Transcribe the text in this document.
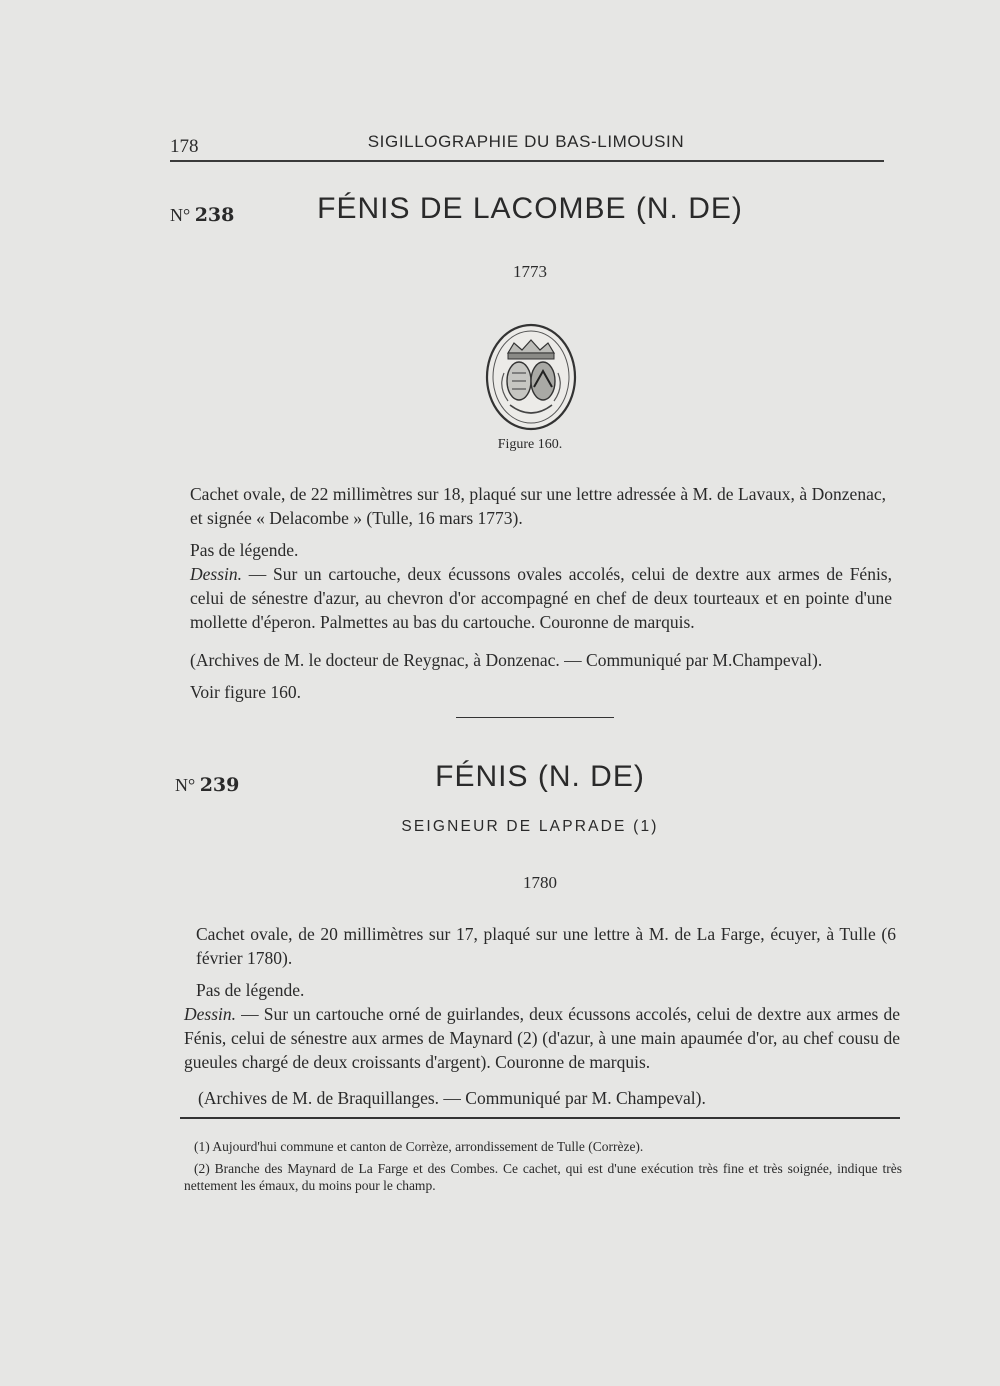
178	SIGILLOGRAPHIE DU BAS-LIMOUSIN
N° 238	FÉNIS DE LACOMBE (N. DE)
1773
Figure 160.
Cachet ovale, de 22 millimètres sur 18, plaqué sur une lettre adressée à M. de Lavaux, à Donzenac, et signée « Delacombe » (Tulle, 16 mars 1773).
Pas de légende.
Dessin. — Sur un cartouche, deux écussons ovales accolés, celui de dextre aux armes de Fénis, celui de sénestre d'azur, au chevron d'or accompagné en chef de deux tourteaux et en pointe d'une mollette d'éperon. Palmettes au bas du cartouche. Couronne de marquis.
(Archives de M. le docteur de Reygnac, à Donzenac. — Communiqué par M.Champeval).
Voir figure 160.
N° 239	FÉNIS (N. DE)
SEIGNEUR DE LAPRADE (1)
1780
Cachet ovale, de 20 millimètres sur 17, plaqué sur une lettre à M. de La Farge, écuyer, à Tulle (6 février 1780).
Pas de légende.
Dessin. — Sur un cartouche orné de guirlandes, deux écussons accolés, celui de dextre aux armes de Fénis, celui de sénestre aux armes de Maynard (2) (d'azur, à une main apaumée d'or, au chef cousu de gueules chargé de deux croissants d'argent). Couronne de marquis.
(Archives de M. de Braquillanges. — Communiqué par M. Champeval).
(1) Aujourd'hui commune et canton de Corrèze, arrondissement de Tulle (Corrèze).
(2) Branche des Maynard de La Farge et des Combes. Ce cachet, qui est d'une exécution très fine et très soignée, indique très nettement les émaux, du moins pour le champ.
